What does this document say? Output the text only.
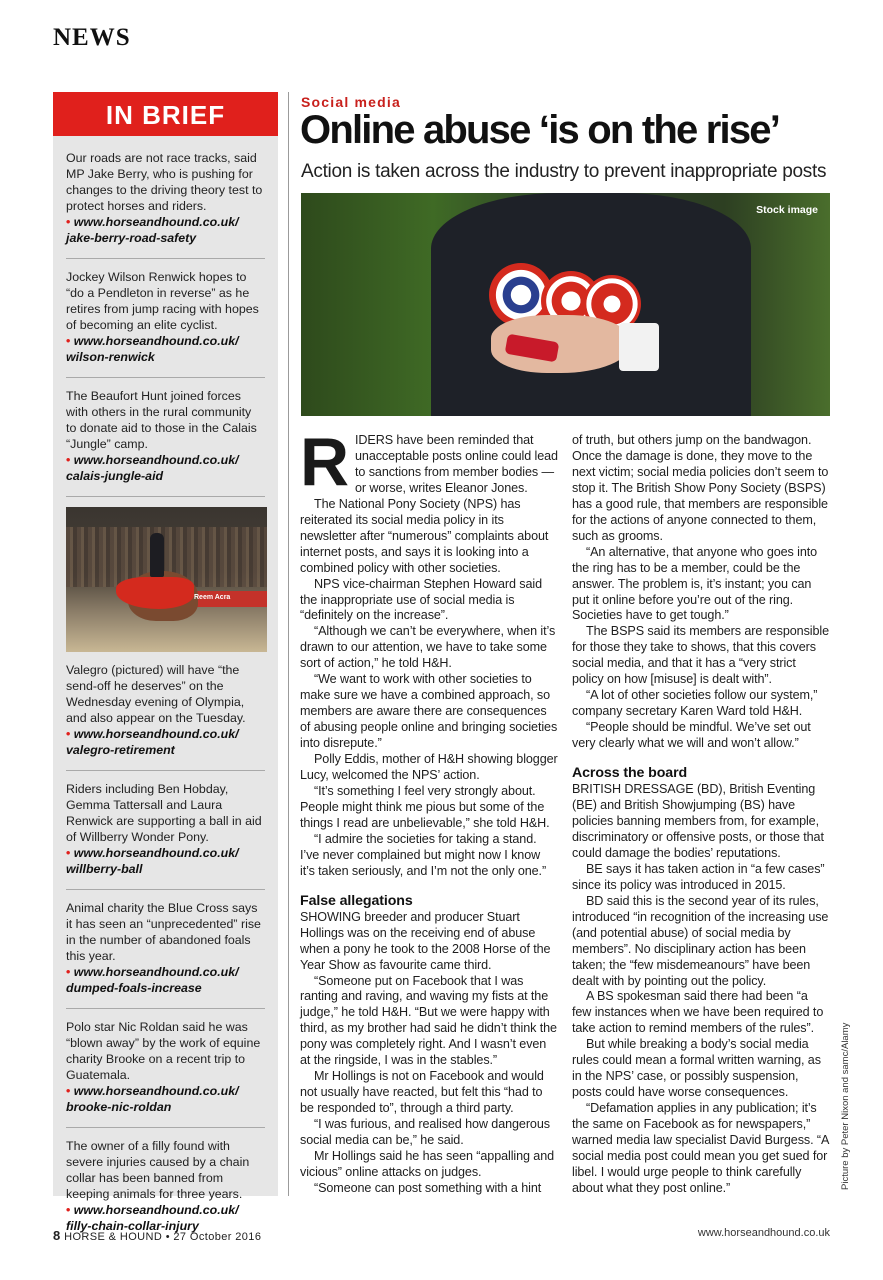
NEWS
IN BRIEF
Our roads are not race tracks, said MP Jake Berry, who is pushing for changes to the driving theory test to protect horses and riders.
• www.horseandhound.co.uk/ jake-berry-road-safety
Jockey Wilson Renwick hopes to “do a Pendleton in reverse” as he retires from jump racing with hopes of becoming an elite cyclist.
• www.horseandhound.co.uk/ wilson-renwick
The Beaufort Hunt joined forces with others in the rural community to donate aid to those in the Calais “Jungle” camp.
• www.horseandhound.co.uk/ calais-jungle-aid
Reem Acra
Valegro (pictured) will have “the send-off he deserves” on the Wednesday evening of Olympia, and also appear on the Tuesday.
• www.horseandhound.co.uk/ valegro-retirement
Riders including Ben Hobday, Gemma Tattersall and Laura Renwick are supporting a ball in aid of Willberry Wonder Pony.
• www.horseandhound.co.uk/ willberry-ball
Animal charity the Blue Cross says it has seen an “unprecedented” rise in the number of abandoned foals this year.
• www.horseandhound.co.uk/ dumped-foals-increase
Polo star Nic Roldan said he was “blown away” by the work of equine charity Brooke on a recent trip to Guatemala.
• www.horseandhound.co.uk/ brooke-nic-roldan
The owner of a filly found with severe injuries caused by a chain collar has been banned from keeping animals for three years.
• www.horseandhound.co.uk/ filly-chain-collar-injury
Social media
Online abuse ‘is on the rise’
Action is taken across the industry to prevent inappropriate posts
Stock image

RIDERS have been reminded that unacceptable posts online could lead to sanctions from member bodies — or worse, writes Eleanor Jones.

The National Pony Society (NPS) has reiterated its social media policy in its newsletter after “numerous” complaints about internet posts, and says it is looking into a combined policy with other societies.

NPS vice-chairman Stephen Howard said the inappropriate use of social media is “definitely on the increase”.

“Although we can’t be everywhere, when it’s drawn to our attention, we have to take some sort of action,” he told H&H.

“We want to work with other societies to make sure we have a combined approach, so members are aware there are consequences of abusing people online and bringing societies into disrepute.”

Polly Eddis, mother of H&H showing blogger Lucy, welcomed the NPS’ action.

“It’s something I feel very strongly about. People might think me pious but some of the things I read are unbelievable,” she told H&H.

“I admire the societies for taking a stand. I’ve never complained but might now I know it’s taken seriously, and I’m not the only one.”

False allegations

SHOWING breeder and producer Stuart Hollings was on the receiving end of abuse when a pony he took to the 2008 Horse of the Year Show as favourite came third.

“Someone put on Facebook that I was ranting and raving, and waving my fists at the judge,” he told H&H. “But we were happy with third, as my brother had said he didn’t think the pony was completely right. And I wasn’t even at the ringside, I was in the stables.”

Mr Hollings is not on Facebook and would not usually have reacted, but felt this “had to be responded to”, through a third party.

“I was furious, and realised how dangerous social media can be,” he said.

Mr Hollings said he has seen “appalling and vicious” online attacks on judges.

“Someone can post something with a hint

of truth, but others jump on the bandwagon. Once the damage is done, they move to the next victim; social media policies don’t seem to stop it. The British Show Pony Society (BSPS) has a good rule, that members are responsible for the actions of anyone connected to them, such as grooms.

“An alternative, that anyone who goes into the ring has to be a member, could be the answer. The problem is, it’s instant; you can put it online before you’re out of the ring. Societies have to get tough.”

The BSPS said its members are responsible for those they take to shows, that this covers social media, and that it has a “very strict policy on how [misuse] is dealt with”.

“A lot of other societies follow our system,” company secretary Karen Ward told H&H.

“People should be mindful. We’ve set out very clearly what we will and won’t allow.”

Across the board

BRITISH DRESSAGE (BD), British Eventing (BE) and British Showjumping (BS) have policies banning members from, for example, discriminatory or offensive posts, or those that could damage the bodies’ reputations.

BE says it has taken action in “a few cases” since its policy was introduced in 2015.

BD said this is the second year of its rules, introduced “in recognition of the increasing use (and potential abuse) of social media by members”. No disciplinary action has been taken; the “few misdemeanours” have been dealt with by pointing out the policy.

A BS spokesman said there had been “a few instances when we have been required to take action to remind members of the rules”.

But while breaking a body’s social media rules could mean a formal written warning, as in the NPS’ case, or possibly suspension, posts could have worse consequences.

“Defamation applies in any publication; it’s the same on Facebook as for newspapers,” warned media law specialist David Burgess. “A social media post could mean you get sued for libel. I would urge people to think carefully about what they post online.”	Picture by Peter Nixon and samc/Alamy
8 HORSE & HOUND • 27 October 2016	www.horseandhound.co.uk
